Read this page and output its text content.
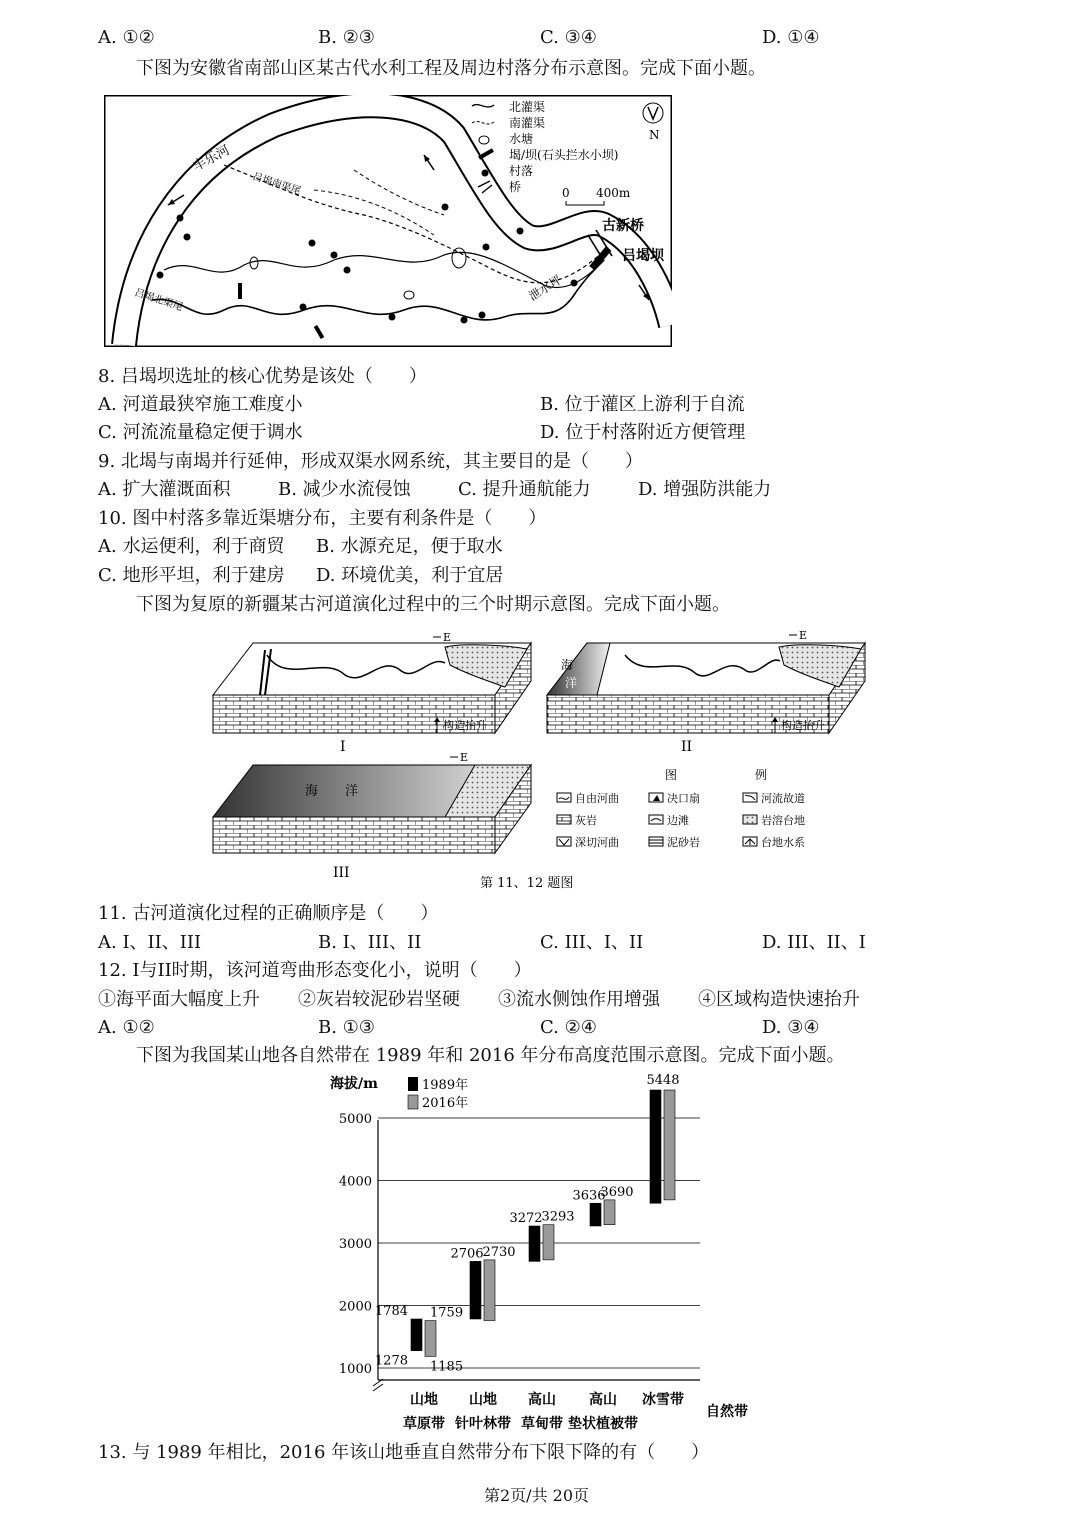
A. ①②	B. ②③	C. ③④	D. ①④
下图为安徽省南部山区某古代水利工程及周边村落分布示意图。完成下面小题。
丰乐河
吕堨南渠尾
吕堨北渠尾	泄水坪
古新桥
吕堨坝
北灌渠
南灌渠
水塘
堨/坝(石头拦水小坝)
村落
桥	0 400m
N
8. 吕堨坝选址的核心优势是该处（　　）
A. 河道最狭窄施工难度小	B. 位于灌区上游利于自流
C. 河流流量稳定便于调水	D. 位于村落附近方便管理
9. 北堨与南堨并行延伸，形成双渠水网系统，其主要目的是（　　）
A. 扩大灌溉面积	B. 减少水流侵蚀	C. 提升通航能力	D. 增强防洪能力
10. 图中村落多靠近渠塘分布，主要有利条件是（　　）
A. 水运便利，利于商贸 B. 水源充足，便于取水
C. 地形平坦，利于建房 D. 环境优美，利于宜居
下图为复原的新疆某古河道演化过程中的三个时期示意图。完成下面小题。
E
构造抬升
I
海
洋
E
构造抬升
II
海 洋
E
III
图	例
自由河曲	决口扇	河流故道
灰岩	边滩	岩溶台地
深切河曲	泥砂岩	台地水系
第 11、12 题图
11. 古河道演化过程的正确顺序是（　　）
A. I、II、III	B. I、III、II	C. III、I、II	D. III、II、I
12. I与II时期，该河道弯曲形态变化小，说明（　　）
①海平面大幅度上升 ②灰岩较泥砂岩坚硬 ③流水侧蚀作用增强 ④区域构造快速抬升
A. ①②	B. ①③	C. ②④	D. ③④
下图为我国某山地各自然带在 1989 年和 2016 年分布高度范围示意图。完成下面小题。
1000
2000
3000
4000
5000
1784 1759
1278 1185
2706
2730
3272
3293
3636
3690
5448
山地
草原带
山地
针叶林带
高山
草甸带
高山
垫状植被带
冰雪带
海拔/m
自然带
1989年
2016年
13. 与 1989 年相比，2016 年该山地垂直自然带分布下限下降的有（　　）
第2页/共 20页
